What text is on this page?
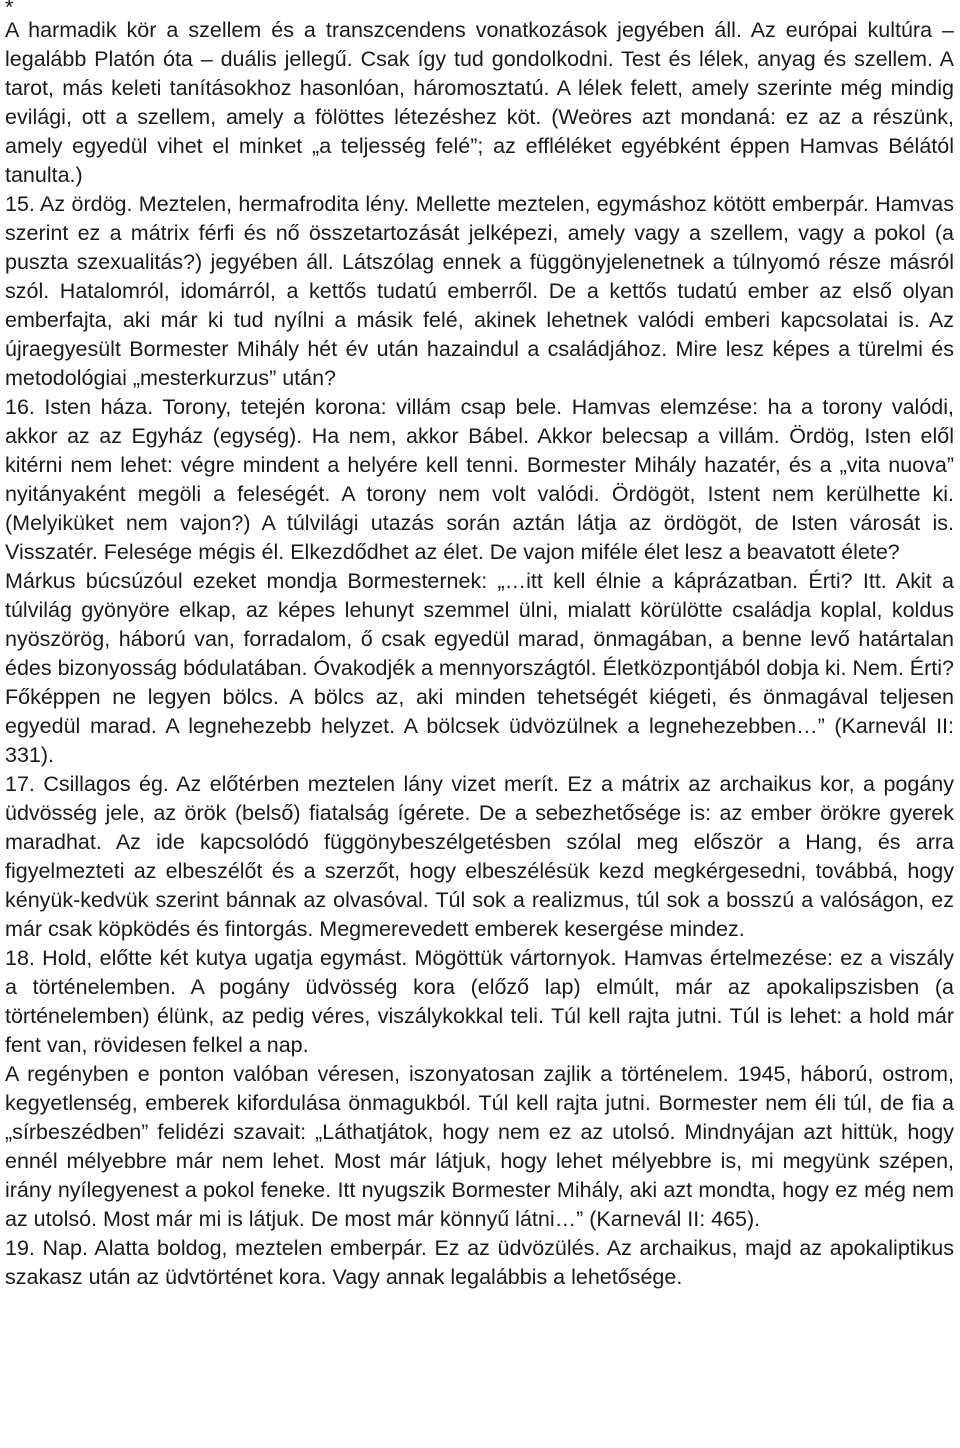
*

A harmadik kör a szellem és a transzcendens vonatkozások jegyében áll. Az európai kultúra – legalább Platón óta – duális jellegű. Csak így tud gondolkodni. Test és lélek, anyag és szellem. A tarot, más keleti tanításokhoz hasonlóan, háromosztatú. A lélek felett, amely szerinte még mindig evilági, ott a szellem, amely a fölöttes létezéshez köt. (Weöres azt mondaná: ez az a részünk, amely egyedül vihet el minket „a teljesség felé”; az effléléket egyébként éppen Hamvas Bélától tanulta.)

15. Az ördög. Meztelen, hermafrodita lény. Mellette meztelen, egymáshoz kötött emberpár. Hamvas szerint ez a mátrix férfi és nő összetartozását jelképezi, amely vagy a szellem, vagy a pokol (a puszta szexualitás?) jegyében áll. Látszólag ennek a függönyjelenetnek a túlnyomó része másról szól. Hatalomról, idomárról, a kettős tudatú emberről. De a kettős tudatú ember az első olyan emberfajta, aki már ki tud nyílni a másik felé, akinek lehetnek valódi emberi kapcsolatai is. Az újraegyesült Bormester Mihály hét év után hazaindul a családjához. Mire lesz képes a türelmi és metodológiai „mesterkurzus” után?

16. Isten háza. Torony, tetején korona: villám csap bele. Hamvas elemzése: ha a torony valódi, akkor az az Egyház (egység). Ha nem, akkor Bábel. Akkor belecsap a villám. Ördög, Isten elől kitérni nem lehet: végre mindent a helyére kell tenni. Bormester Mihály hazatér, és a „vita nuova” nyitányaként megöli a feleségét. A torony nem volt valódi. Ördögöt, Istent nem kerülhette ki. (Melyiküket nem vajon?) A túlvilági utazás során aztán látja az ördögöt, de Isten városát is. Visszatér. Felesége mégis él. Elkezdődhet az élet. De vajon miféle élet lesz a beavatott élete?

Márkus búcsúzóul ezeket mondja Bormesternek: „…itt kell élnie a káprázatban. Érti? Itt. Akit a túlvilág gyönyöre elkap, az képes lehunyt szemmel ülni, mialatt körülötte családja koplal, koldus nyöszörög, háború van, forradalom, ő csak egyedül marad, önmagában, a benne levő határtalan édes bizonyosság bódulatában. Óvakodjék a mennyországtól. Életközpontjából dobja ki. Nem. Érti? Főképpen ne legyen bölcs. A bölcs az, aki minden tehetségét kiégeti, és önmagával teljesen egyedül marad. A legnehezebb helyzet. A bölcsek üdvözülnek a legnehezebben…” (Karnevál II: 331).

17. Csillagos ég. Az előtérben meztelen lány vizet merít. Ez a mátrix az archaikus kor, a pogány üdvösség jele, az örök (belső) fiatalság ígérete. De a sebezhetősége is: az ember örökre gyerek maradhat. Az ide kapcsolódó függönybeszélgetésben szólal meg először a Hang, és arra figyelmezteti az elbeszélőt és a szerzőt, hogy elbeszélésük kezd megkérgesedni, továbbá, hogy kényük-kedvük szerint bánnak az olvasóval. Túl sok a realizmus, túl sok a bosszú a valóságon, ez már csak köpködés és fintorgás. Megmerevedett emberek kesergése mindez.

18. Hold, előtte két kutya ugatja egymást. Mögöttük vártornyok. Hamvas értelmezése: ez a viszály a történelemben. A pogány üdvösség kora (előző lap) elmúlt, már az apokalipszisben (a történelemben) élünk, az pedig véres, viszálykokkal teli. Túl kell rajta jutni. Túl is lehet: a hold már fent van, rövidesen felkel a nap.

A regényben e ponton valóban véresen, iszonyatosan zajlik a történelem. 1945, háború, ostrom, kegyetlenség, emberek kifordulása önmagukból. Túl kell rajta jutni. Bormester nem éli túl, de fia a „sírbeszédben” felidézi szavait: „Láthatjátok, hogy nem ez az utolsó. Mindnyájan azt hittük, hogy ennél mélyebbre már nem lehet. Most már látjuk, hogy lehet mélyebbre is, mi megyünk szépen, irány nyílegyenest a pokol feneke. Itt nyugszik Bormester Mihály, aki azt mondta, hogy ez még nem az utolsó. Most már mi is látjuk. De most már könnyű látni…” (Karnevál II: 465).

19. Nap. Alatta boldog, meztelen emberpár. Ez az üdvözülés. Az archaikus, majd az apokaliptikus szakasz után az üdvtörténet kora. Vagy annak legalábbis a lehetősége.
